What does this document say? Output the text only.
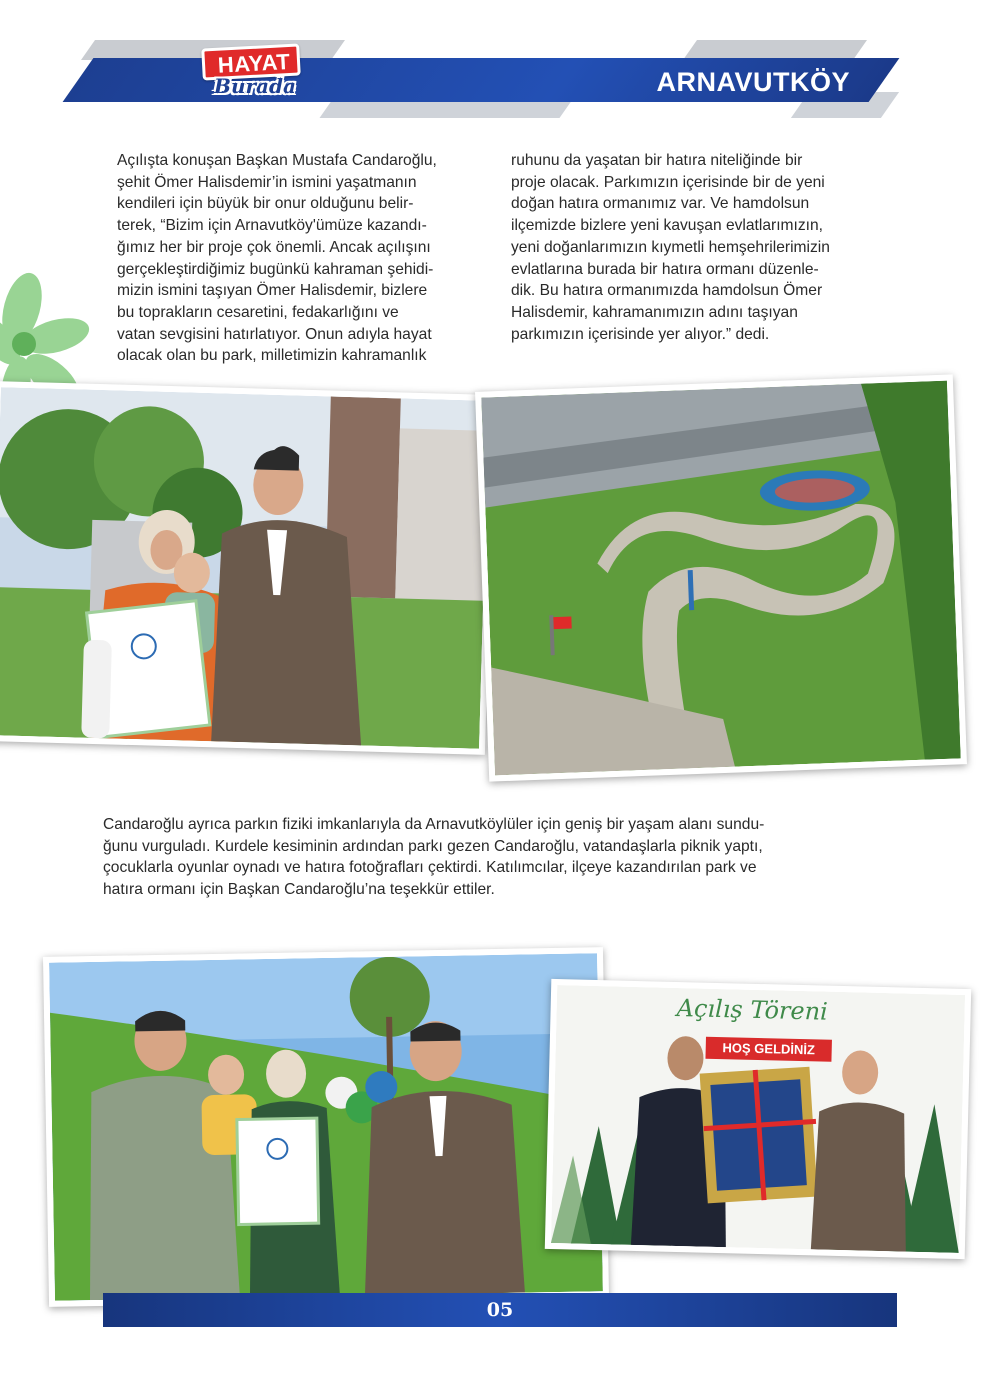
ARNAVUTKÖY
HAYAT
Burada

Açılışta konuşan Başkan Mustafa Candaroğlu,

şehit Ömer Halisdemir’in ismini yaşatmanın

kendileri için büyük bir onur olduğunu belir-

terek, “Bizim için Arnavutköy'ümüze kazandı-

ğımız her bir proje çok önemli. Ancak açılışını

gerçekleştirdiğimiz bugünkü kahraman şehidi-

mizin ismini taşıyan Ömer Halisdemir, bizlere

bu toprakların cesaretini, fedakarlığını ve

vatan sevgisini hatırlatıyor. Onun adıyla hayat

olacak olan bu park, milletimizin kahramanlık

ruhunu da yaşatan bir hatıra niteliğinde bir

proje olacak. Parkımızın içerisinde bir de yeni

doğan hatıra ormanımız var. Ve hamdolsun

ilçemizde bizlere yeni kavuşan evlatlarımızın,

yeni doğanlarımızın kıymetli hemşehrilerimizin

evlatlarına burada bir hatıra ormanı düzenle-

dik. Bu hatıra ormanımızda hamdolsun Ömer

Halisdemir, kahramanımızın adını taşıyan

parkımızın içerisinde yer alıyor.” dedi.

Candaroğlu ayrıca parkın fiziki imkanlarıyla da Arnavutköylüler için geniş bir yaşam alanı sundu-

ğunu vurguladı. Kurdele kesiminin ardından parkı gezen Candaroğlu, vatandaşlarla piknik yaptı,

çocuklarla oyunlar oynadı ve hatıra fotoğrafları çektirdi. Katılımcılar, ilçeye kazandırılan park ve

hatıra ormanı için Başkan Candaroğlu’na teşekkür ettiler.

Açılış Töreni
HOŞ GELDİNİZ
05
